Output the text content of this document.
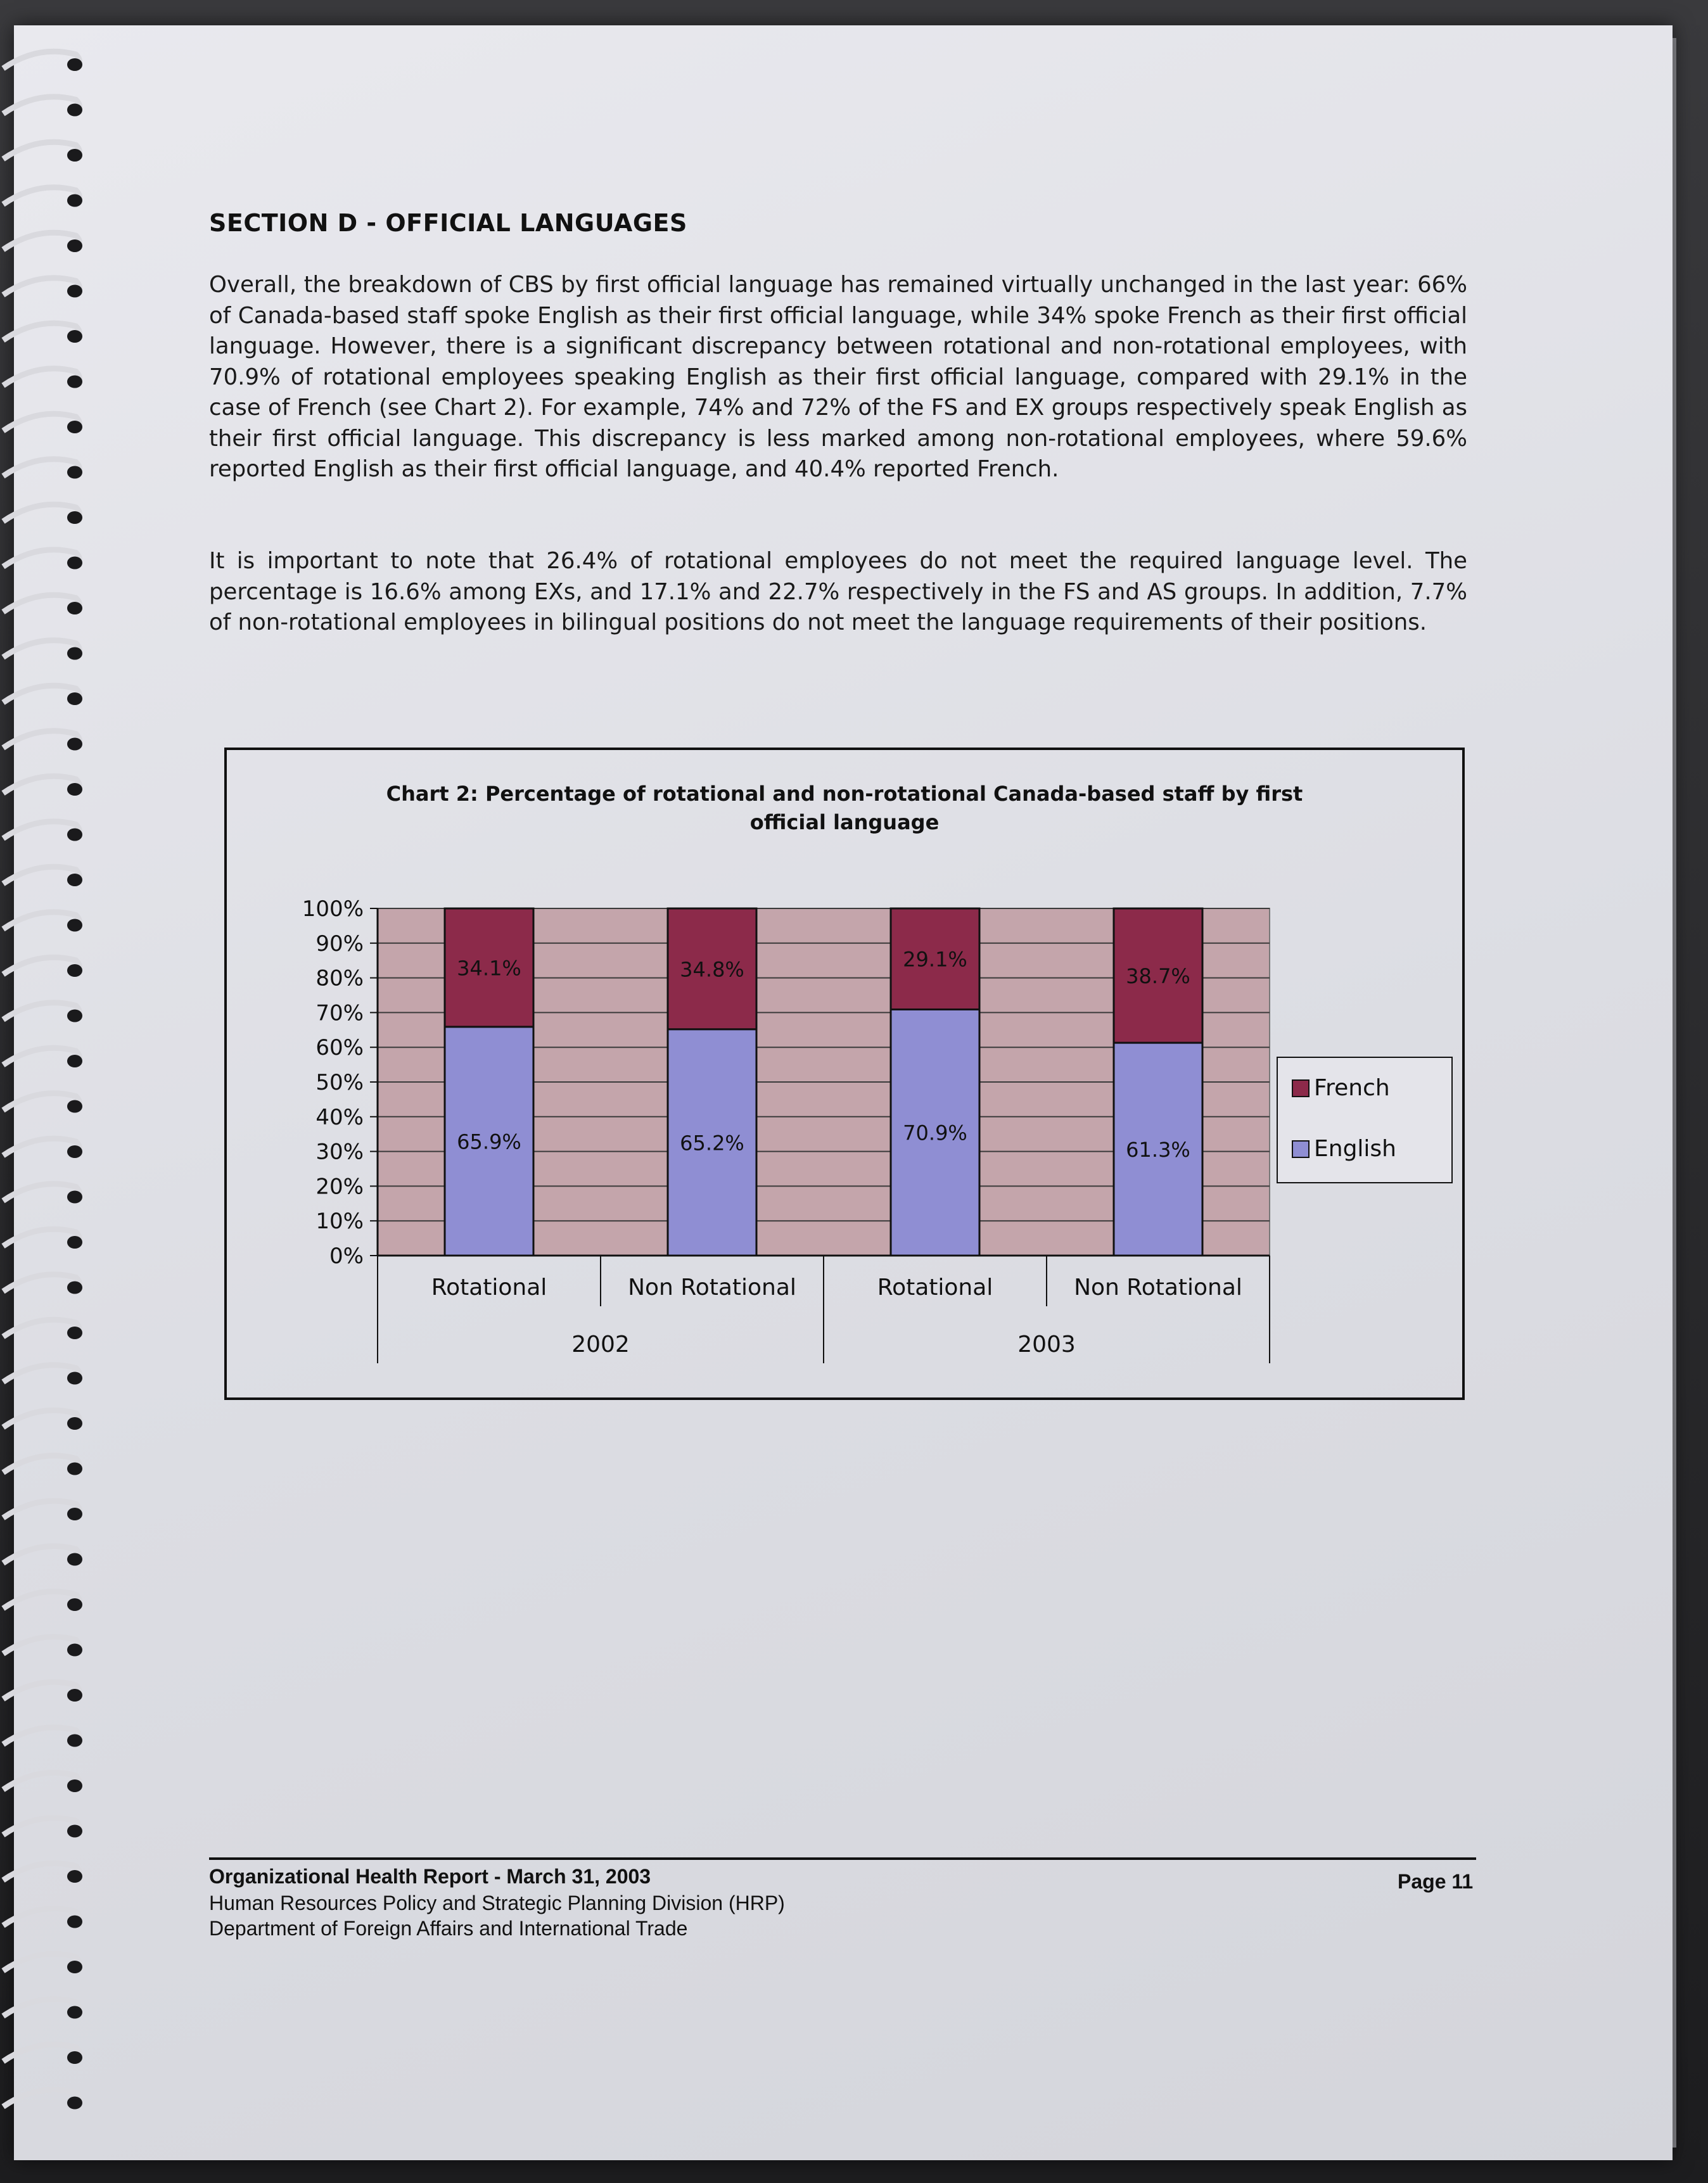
SECTION D - OFFICIAL LANGUAGES

Overall, the breakdown of CBS by first official language has remained virtually unchanged in the last year: 66% of Canada-based staff spoke English as their first official language, while 34% spoke French as their first official language. However, there is a significant discrepancy between rotational and non-rotational employees, with 70.9% of rotational employees speaking English as their first official language, compared with 29.1% in the case of French (see Chart 2). For example, 74% and 72% of the FS and EX groups respectively speak English as their first official language. This discrepancy is less marked among non-rotational employees, where 59.6% reported English as their first official language, and 40.4% reported French.

It is important to note that 26.4% of rotational employees do not meet the required language level. The percentage is 16.6% among EXs, and 17.1% and 22.7% respectively in the FS and AS groups. In addition, 7.7% of non-rotational employees in bilingual positions do not meet the language requirements of their positions.

Chart 2: Percentage of rotational and non-rotational Canada-based staff by first
official language
0%
10%
20%
30%
40%
50%
60%
70%
80%
90%
100%
65.9%
34.1%
Rotational
65.2%
34.8%
Non Rotational
70.9%
29.1%
Rotational
61.3%
38.7%
Non Rotational
2002	2003
French
English
Organizational Health Report - March 31, 2003
Human Resources Policy and Strategic Planning Division (HRP)
Department of Foreign Affairs and International Trade
Page 11
